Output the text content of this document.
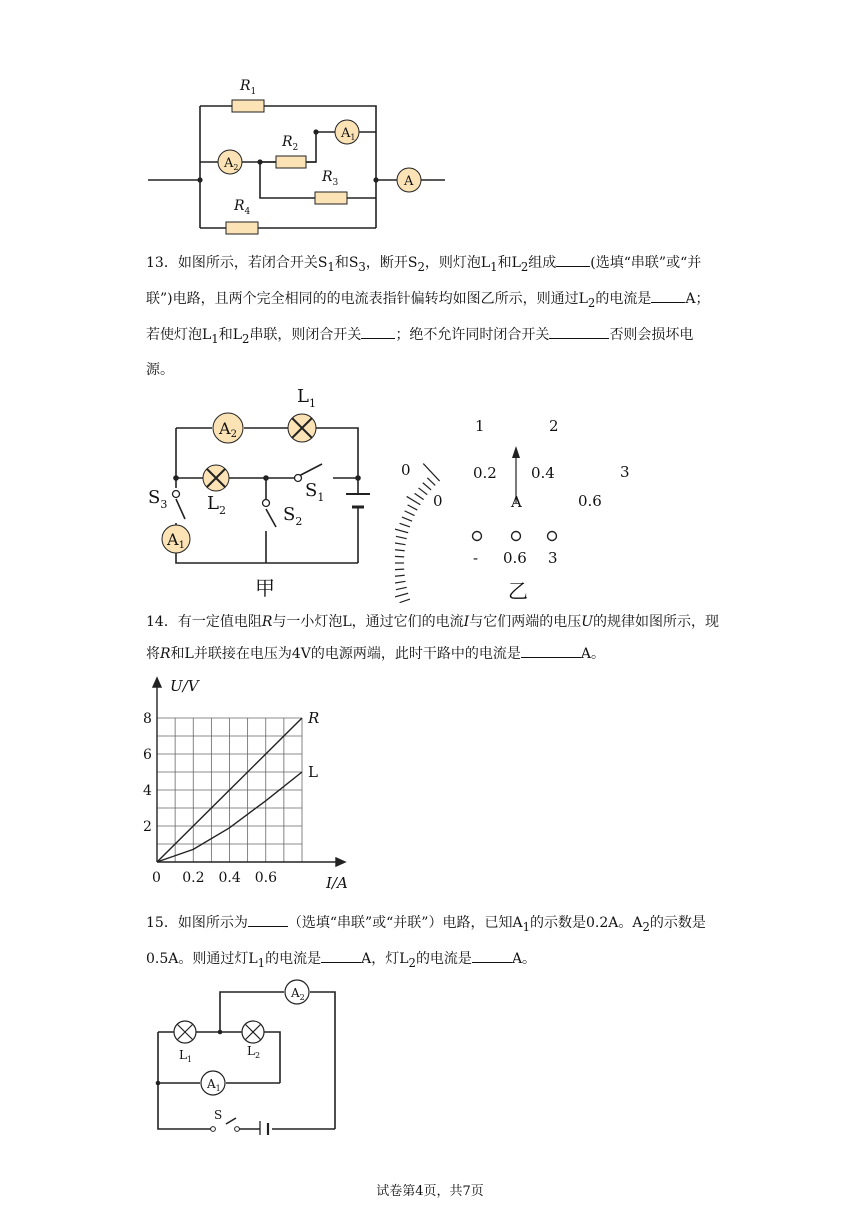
$A_2$
$A_1$
A
$R_1$
$R_2$
$R_3$
$R_4$

13．如图所示，若闭合开关$S_1$和$S_3$，断开$S_2$，则灯泡$L_1$和$L_2$组成 (选填“串联”或“并联”)电路，且两个完全相同的的电流表指针偏转均如图乙所示，则通过$L_2$的电流是 A；若使灯泡$L_1$和$L_2$串联，则闭合开关 ；绝不允许同时闭合开关	否则会损坏电源。

A2
A1
$L_1$
$L_2$
$S_3$	$S_2$
$S_1$
甲
0
1	2
3
0
0.2 0.4
0.6
A
- 0.6 3
乙

14．有一定值电阻R与一小灯泡L，通过它们的电流I与它们两端的电压U的规律如图所示，现将R和L并联接在电压为4V的电源两端，此时干路中的电流是	A。

R
L
0 0.2 0.4 0.6
2
4
6
8
U/V
I/A

15．如图所示为	（选填“串联”或“并联”）电路，已知$A_1$的示数是0.2A。$A_2$的示数是0.5A。则通过灯$L_1$的电流是	A，灯$L_2$的电流是	A。

$A_2$
$A_1$
$L_1$
$L_2$
S
试卷第4页，共7页
